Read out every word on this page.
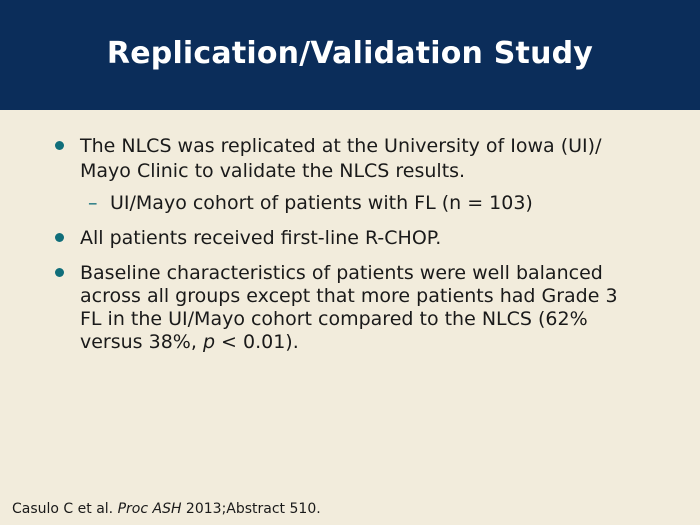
Replication/Validation Study
The NLCS was replicated at the University of Iowa (UI)/
Mayo Clinic to validate the NLCS results.
– UI/Mayo cohort of patients with FL (n = 103)
All patients received first-line R-CHOP.
Baseline characteristics of patients were well balanced
across all groups except that more patients had Grade 3
FL in the UI/Mayo cohort compared to the NLCS (62%
versus 38%, p < 0.01).
Casulo C et al. Proc ASH 2013;Abstract 510.
